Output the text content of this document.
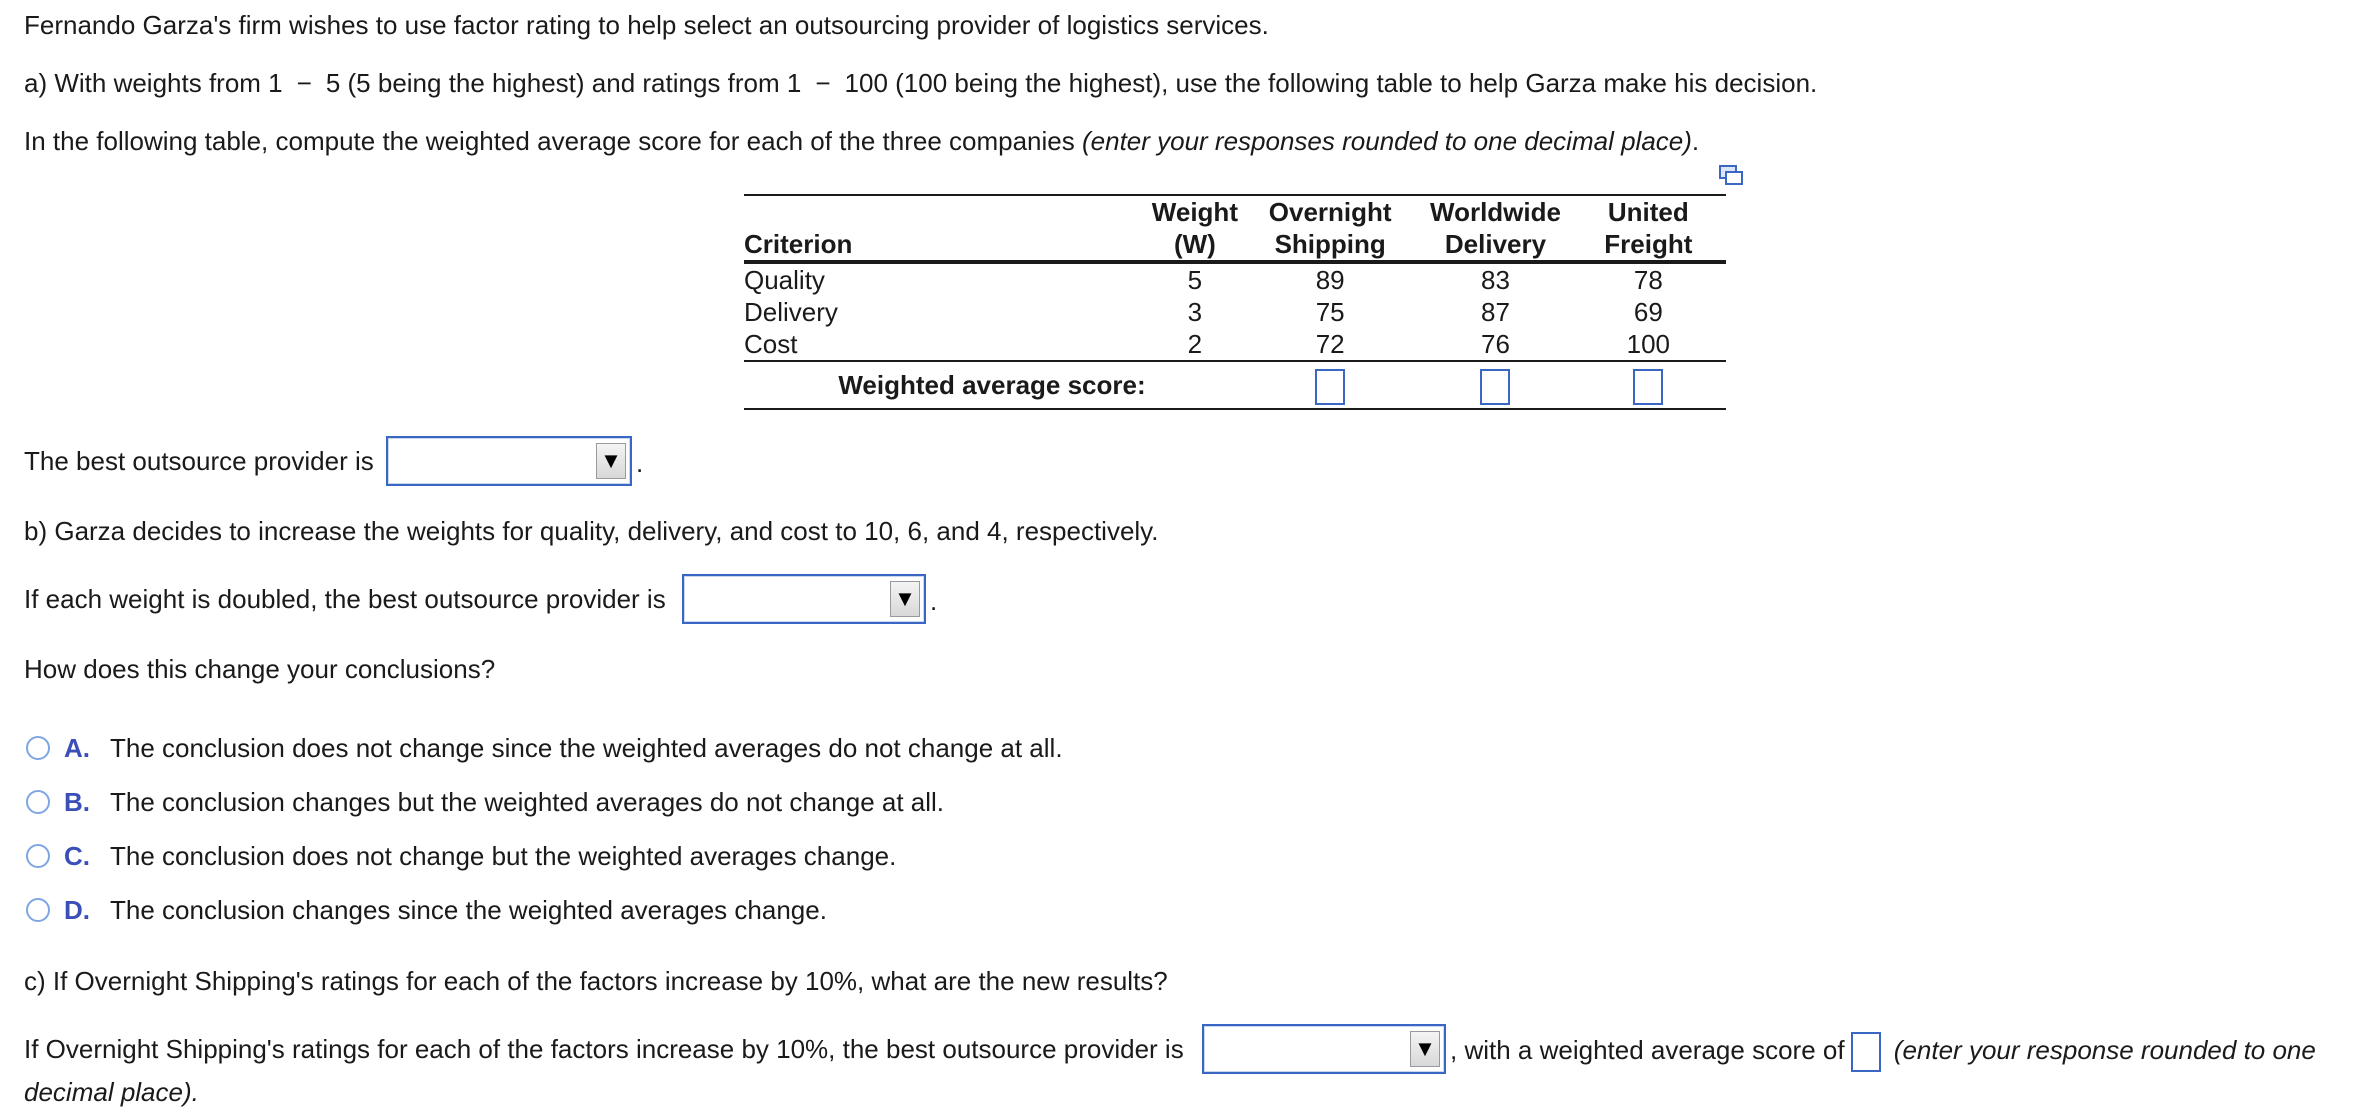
Fernando Garza's firm wishes to use factor rating to help select an outsourcing provider of logistics services.
a) With weights from 1 − 5 (5 being the highest) and ratings from 1 − 100 (100 being the highest), use the following table to help Garza make his decision.
In the following table, compute the weighted average score for each of the three companies (enter your responses rounded to one decimal place).
	Weight	Overnight	Worldwide	United
Criterion	(W)	Shipping	Delivery	Freight
Quality	5	89	83	78
Delivery	3	75	87	69
Cost	2	72	76	100
Weighted average score:				
The best outsource provider is	▼ .
b) Garza decides to increase the weights for quality, delivery, and cost to 10, 6, and 4, respectively.
If each weight is doubled, the best outsource provider is	▼ .
How does this change your conclusions?
A. The conclusion does not change since the weighted averages do not change at all.
B. The conclusion changes but the weighted averages do not change at all.
C. The conclusion does not change but the weighted averages change.
D. The conclusion changes since the weighted averages change.
c) If Overnight Shipping's ratings for each of the factors increase by 10%, what are the new results?
If Overnight Shipping's ratings for each of the factors increase by 10%, the best outsource provider is	▼ , with a weighted average score of (enter your response rounded to one
decimal place).
